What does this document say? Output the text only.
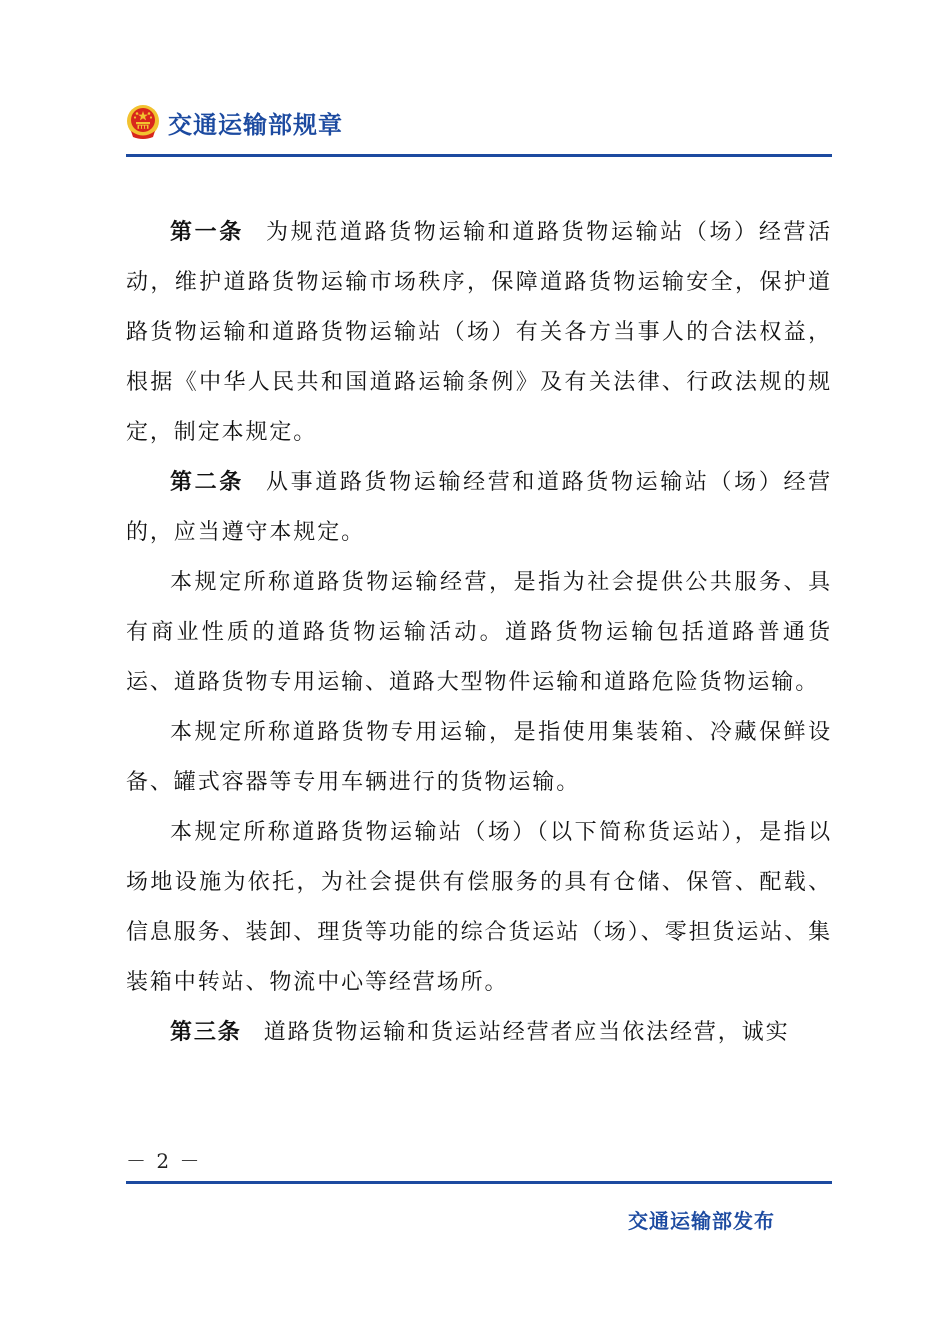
交通运输部规章

第一条 为规范道路货物运输和道路货物运输站（场）经营活动，维护道路货物运输市场秩序，保障道路货物运输安全，保护道路货物运输和道路货物运输站（场）有关各方当事人的合法权益，根据《中华人民共和国道路运输条例》及有关法律、行政法规的规定，制定本规定。

第二条 从事道路货物运输经营和道路货物运输站（场）经营的，应当遵守本规定。

本规定所称道路货物运输经营，是指为社会提供公共服务、具有商业性质的道路货物运输活动。道路货物运输包括道路普通货运、道路货物专用运输、道路大型物件运输和道路危险货物运输。

本规定所称道路货物专用运输，是指使用集装箱、冷藏保鲜设备、罐式容器等专用车辆进行的货物运输。

本规定所称道路货物运输站（场）（以下简称货运站），是指以场地设施为依托，为社会提供有偿服务的具有仓储、保管、配载、信息服务、装卸、理货等功能的综合货运站（场）、零担货运站、集装箱中转站、物流中心等经营场所。

第三条 道路货物运输和货运站经营者应当依法经营，诚实

－ 2 －
交通运输部发布
